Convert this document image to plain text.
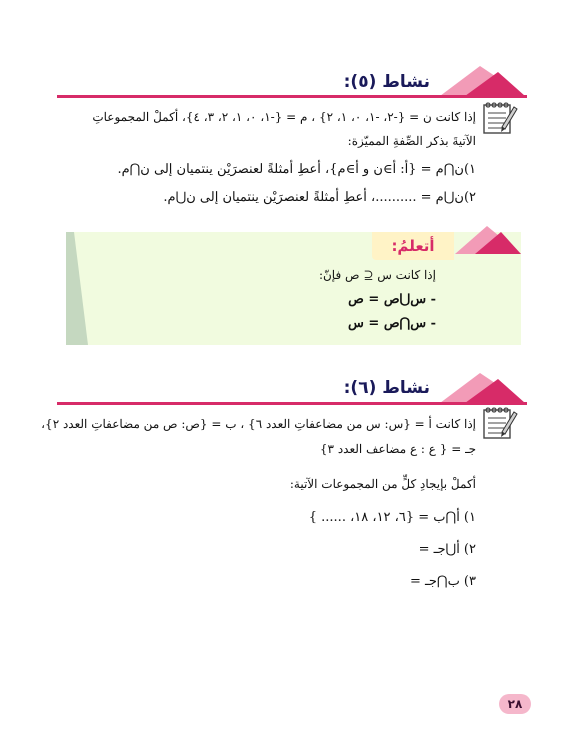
نشاط (٥):
إذا كانت ن = {-٢، -١، ٠، ١، ٢} ، م = {-١، ٠، ١، ٢، ٣، ٤}، أكملْ المجموعاتِ
الآتيةَ بذكر الصِّفةِ المميّزة:
١)ن⋂م = {أ: أ∋ن و أ∋م}، أعطِ أمثلةً لعنصرَيْن ينتميان إلى ن⋂م.
٢)ن⋃م = ..........، أعطِ أمثلةً لعنصرَيْن ينتميان إلى ن⋃م.
أتعلمُ:
إذا كانت س ⊆ ص فإنّ:
- س⋃ص = ص
- س⋂ص = س
نشاط (٦):
إذا كانت أ = {س: س من مضاعفاتِ العدد ٦} ، ب = {ص: ص من مضاعفاتِ العدد ٢}،
جـ = { ع : ع مضاعف العدد ٣}
أكملْ بإيجادِ كلٍّ من المجموعات الآتية:
١) أ⋂ب = {٦، ١٢، ١٨، ...... }
٢) أ⋃جـ =
٣) ب⋂جـ =
٢٨
